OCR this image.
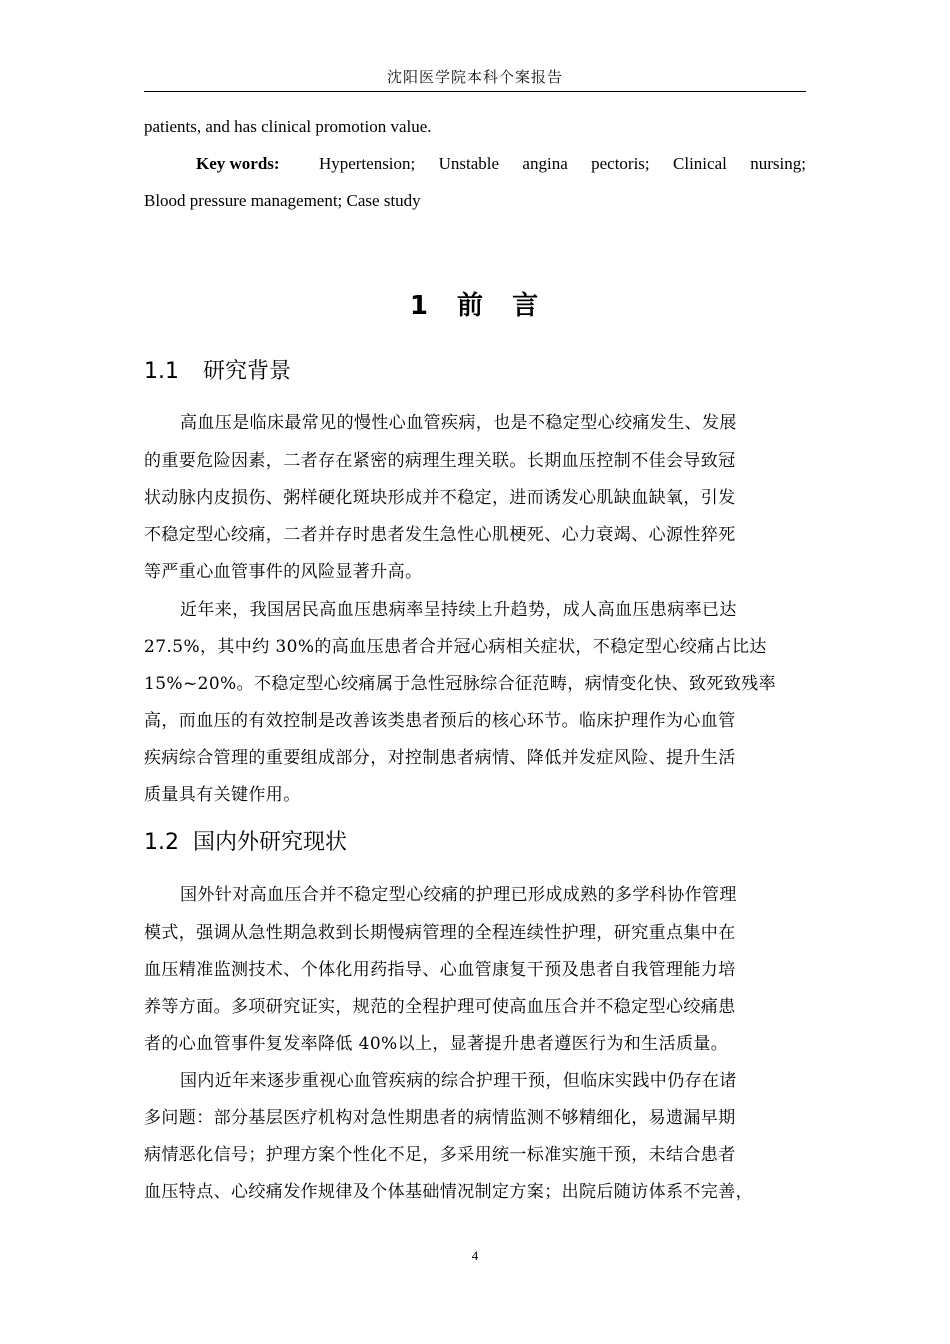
沈阳医学院本科个案报告
patients, and has clinical promotion value.
Key words: Hypertension; Unstable angina pectoris; Clinical nursing;
Blood pressure management; Case study
1 前 言
1.1 研究背景
高血压是临床最常见的慢性心血管疾病，也是不稳定型心绞痛发生、发展
的重要危险因素，二者存在紧密的病理生理关联。长期血压控制不佳会导致冠
状动脉内皮损伤、粥样硬化斑块形成并不稳定，进而诱发心肌缺血缺氧，引发
不稳定型心绞痛，二者并存时患者发生急性心肌梗死、心力衰竭、心源性猝死
等严重心血管事件的风险显著升高。
近年来，我国居民高血压患病率呈持续上升趋势，成人高血压患病率已达
27.5%，其中约 30%的高血压患者合并冠心病相关症状，不稳定型心绞痛占比达
15%~20%。不稳定型心绞痛属于急性冠脉综合征范畴，病情变化快、致死致残率
高，而血压的有效控制是改善该类患者预后的核心环节。临床护理作为心血管
疾病综合管理的重要组成部分，对控制患者病情、降低并发症风险、提升生活
质量具有关键作用。
1.2 国内外研究现状
国外针对高血压合并不稳定型心绞痛的护理已形成成熟的多学科协作管理
模式，强调从急性期急救到长期慢病管理的全程连续性护理，研究重点集中在
血压精准监测技术、个体化用药指导、心血管康复干预及患者自我管理能力培
养等方面。多项研究证实，规范的全程护理可使高血压合并不稳定型心绞痛患
者的心血管事件复发率降低 40%以上，显著提升患者遵医行为和生活质量。
国内近年来逐步重视心血管疾病的综合护理干预，但临床实践中仍存在诸
多问题：部分基层医疗机构对急性期患者的病情监测不够精细化，易遗漏早期
病情恶化信号；护理方案个性化不足，多采用统一标准实施干预，未结合患者
血压特点、心绞痛发作规律及个体基础情况制定方案；出院后随访体系不完善，
4
